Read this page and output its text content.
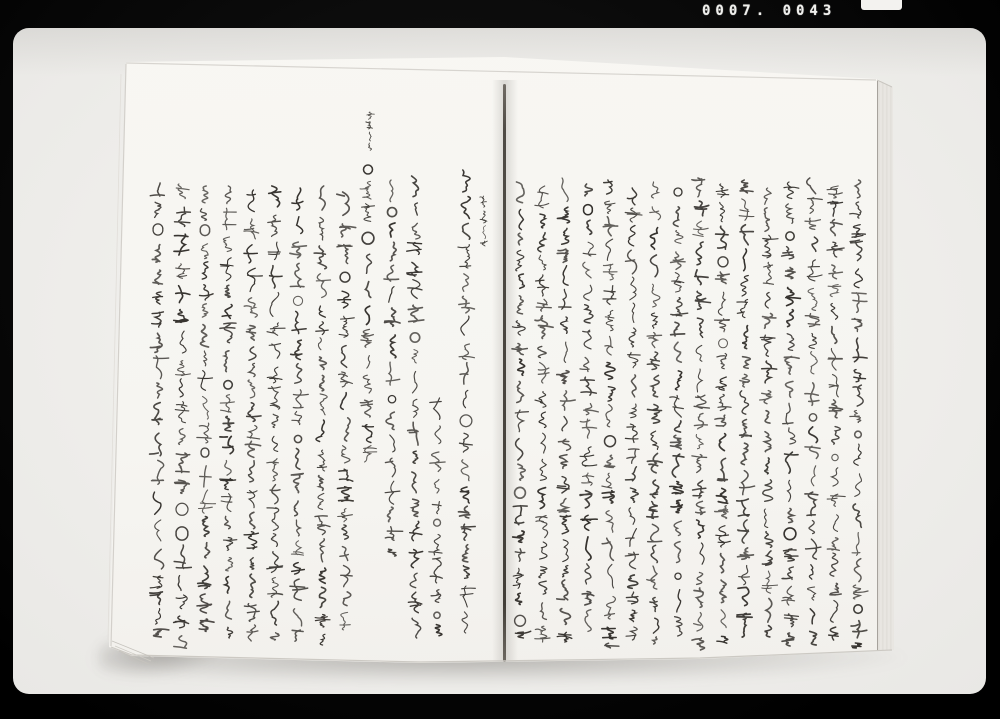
0007. 0043
